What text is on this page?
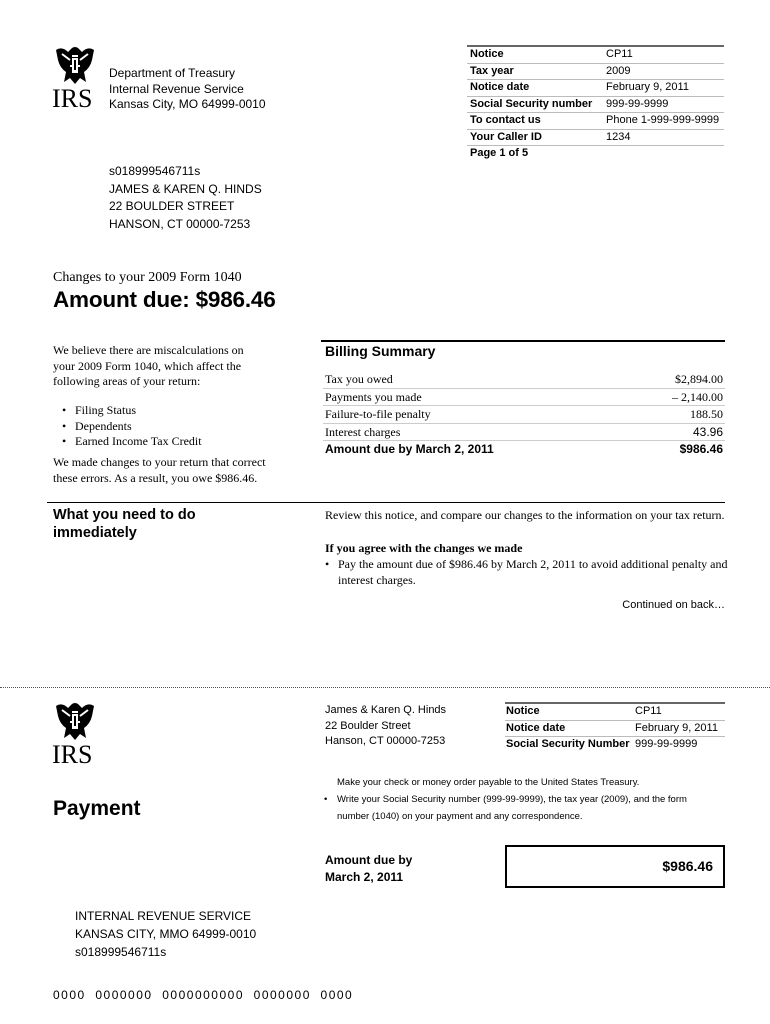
IRS
Department of Treasury
Internal Revenue Service
Kansas City, MO 64999-0010
Notice	CP11
Tax year	2009
Notice date	February 9, 2011
Social Security number	999-99-9999
To contact us	Phone 1-999-999-9999
Your Caller ID	1234
Page 1 of 5	
s018999546711s
JAMES & KAREN Q. HINDS
22 BOULDER STREET
HANSON, CT 00000-7253
Changes to your 2009 Form 1040
Amount due: $986.46
We believe there are miscalculations on your 2009 Form 1040, which affect the following areas of your return:
• Filing Status
• Dependents
• Earned Income Tax Credit
We made changes to your return that correct these errors. As a result, you owe $986.46.
Billing Summary
Tax you owed	$2,894.00
Payments you made	– 2,140.00
Failure-to-file penalty	188.50
Interest charges	43.96
Amount due by March 2, 2011	$986.46
What you need to do immediately
Review this notice, and compare our changes to the information on your tax return.
If you agree with the changes we made
• Pay the amount due of $986.46 by March 2, 2011 to avoid additional penalty and interest charges.
Continued on back…
IRS
James & Karen Q. Hinds
22 Boulder Street
Hanson, CT 00000-7253
Notice	CP11
Notice date	February 9, 2011
Social Security Number	999-99-9999
Make your check or money order payable to the United States Treasury.
• Write your Social Security number (999-99-9999), the tax year (2009), and the form number (1040) on your payment and any correspondence.
Payment
Amount due by
March 2, 2011
$986.46
INTERNAL REVENUE SERVICE
KANSAS CITY, MMO 64999-0010
s018999546711s
0000  0000000  0000000000  0000000  0000
